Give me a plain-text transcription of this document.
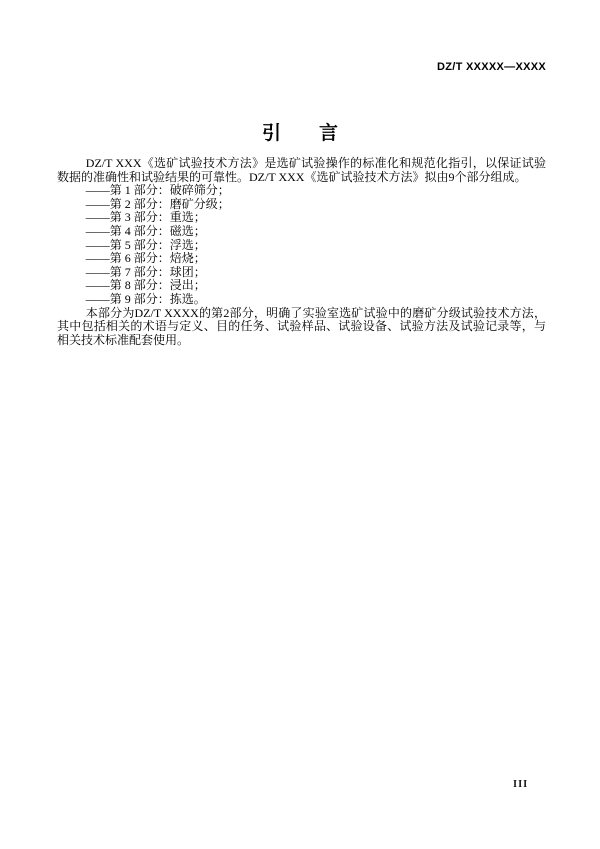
DZ/T XXXXX—XXXX
引　　言

DZ/T XXX《选矿试验技术方法》是选矿试验操作的标准化和规范化指引，以保证试验数据的准确性和试验结果的可靠性。DZ/T XXX《选矿试验技术方法》拟由9个部分组成。

——第 1 部分：破碎筛分；
——第 2 部分：磨矿分级；
——第 3 部分：重选；
——第 4 部分：磁选；
——第 5 部分：浮选；
——第 6 部分：焙烧；
——第 7 部分：球团；
——第 8 部分：浸出；
——第 9 部分：拣选。

本部分为DZ/T XXXX的第2部分，明确了实验室选矿试验中的磨矿分级试验技术方法，其中包括相关的术语与定义、目的任务、试验样品、试验设备、试验方法及试验记录等，与相关技术标准配套使用。

III
